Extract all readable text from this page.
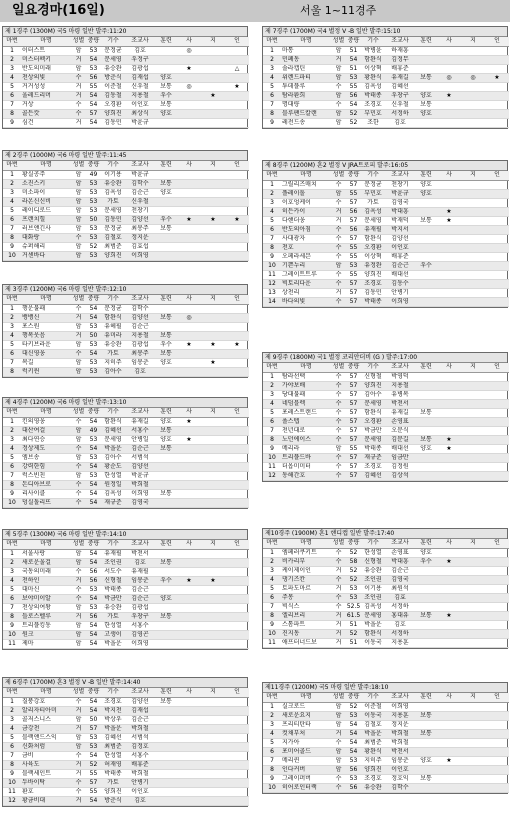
일요경마(16일)	서울 1~11경주
제 1경주 (1300M) 국5 마령 일반 발주:11:20
마번	마명	성별	중량	기수	조교사	훈련	사	지	인
1	이터스트	암	53	문정균	김호		◎		
2	미스터펙키	거	54	문세영	우정구				
3	반도의미래	암	53	유승완	김광섭		★		△
4	천상의빛	수	56	방춘식	김재섭	양호			
5	거거성성	거	55	이준철	신우철	보통	◎		★
6	울레드리머	거	54	김동철	지용철	우수		★	
7	거상	수	54	오경환	이인호	보통			
8	골든캇	수	57	양희진	최상식	양호			
9	심건	거	54	김동민	박윤규				
제 2경주 (1000M) 국6 마령 일반 발주:11:45
마번	마명	성별	중량	기수	조교사	훈련	사	지	인
1	황실공주	암	49	이기용	박윤규				
2	소진스키	암	53	유승완	김학수	보통			
3	미소파이	암	53	김옥성	김순근	양호			
4	라온신신비	암	53	가토	신우철				
5	레이디로드	암	53	문세영	천창기				
6	프랜치힐	암	50	김동민	김양선	우수	★	★	★
7	러브앤긴사	암	53	문정균	최봉주	보통			
8	대화랑	수	53	김철호	정지운				
9	슈퍼해리	암	52	최범준	김효섭				
10	거센바다	암	53	양희진	이희영				
제 3경주 (1200M) 국6 마령 일반 발주:12:10
마번	마명	성별	중량	기수	조교사	훈련	사	지	인
1	행운불패	수	54	문정균	김학수				
2	뱅뱅신	거	54	함완식	김양선	보통	◎		
3	포스원	암	53	유헤필	김순근				
4	행복웃음	거	50	유미라	지용철	보통			
5	타키브라운	암	53	유승완	김광섭	우수	★	★	★
6	대신영웅	수	54	가토	최봉주	보통			
7	복길	암	53	지히주	임봉춘	양호		★	
8	럭키윈	암	53	김아수	김호				
제 4경주 (1200M) 국6 마령 일반 발주:13:10
마번	마명	성별	중량	기수	조교사	훈련	사	지	인
1	킨의영웅	수	54	함완식	유재길	양호	★		
2	대산여걸	암	49	김혜선	서홍수	보통			
3	최다연승	암	53	문세영	안병일	양호	★		
4	정상제도	수	54	박을운	김순근	보통			
5	엠브송	암	53	김아수	서범석				
6	강력한힘	수	54	황순도	김양선				
7	럭스빈친	암	53	한성열	박윤규				
8	돈디아브로	수	54	원정일	박희철				
9	리사이클	수	54	김옥성	이희영	보통			
10	덩실돌리뜨	수	54	재규준	김영국				
제 5경주 (1300M) 국6 마령 일반 발주:14:10
마번	마명	성별	중량	기수	조교사	훈련	사	지	인
1	서울사랑	암	54	유재필	박천서				
2	새로운울걸	암	54	조인권	김호	보통			
3	국동의미래	수	56	서도수	유재필				
4	천하인	거	56	신형철	임봉춘	우수	★	★	
5	대마신	수	53	박태종	김순근				
6	보야미이알	수	54	박금만	김순근	양호			
7	천상의여왕	암	53	유승완	김광섭				
8	들로스벨루	거	56	가토	우창구	보통			
9	트리플킹동	암	54	한성열	서홍수				
10	원크	암	54	고생이	김영곤				
11	제마	암	54	박을운	이희영				
제 6경주 (1700M) 혼3 별정 V -B 일반 발주:14:40
마번	마명	성별	중량	기수	조교사	훈련	사	지	인
1	질풍강호	수	54	조경호	김양선	보통			
2	알리자티아미	거	54	박지천	김재섭				
3	골저스니스	암	50	박상우	김순근				
4	금강천	거	57	박을운	박희철				
5	블랙앤드스익	암	53	김혜선	서범석				
6	신화처럼	암	53	최범준	김정호				
7	금비	수	54	한성열	서홍수				
8	사육도	거	52	허재영	배휴준				
9	블랙세인트	거	55	박태종	박희철				
10	두바이탁	수	57	가토	안병기				
11	환호	수	55	양희진	이인호				
12	황금비대	거	54	방춘식	김호				
제 7경주 (1700M) 국4 별정 V -B 일반 발주:15:10
마번	마명	성별	중량	기수	조교사	훈련	사	지	인
1	마통	암	51	박병윤	하재흥				
2	민폐동	거	54	함완식	김정무				
3	솔라캡틴	암	51	이상혁	배휴준				
4	위렌드파티	암	53	황완식	유재길	보통	◎	◎	★
5	투데플루	수	55	김옥성	김혜선				
6	탐라환희	암	56	박태종	우창구	양호	★		
7	명대량	수	54	조경호	신우철	보통			
8	블루팬드칼랜	암	52	부민호	서정하	양호			
9	레전드송	암	52	조한	김호				
제 8경주 (1200M) 혼2 별정 V JRA트로피 발주:16:05
마번	마명	성별	중량	기수	조교사	훈련	사	지	인
1	그릴리즈매치	수	57	문정균	천창기	양호			
2	플레이톨	암	55	부민호	박윤규	양호			
3	이호엉케이	수	57	가토	김영국				
4	히든카이	거	56	김옥성	박대흥		★		
5	다핸더웅	거	57	문세영	박재덕	보통	★		
6	반도의아침	수	56	유재필	박지서				
7	사대광자	수	57	함완식	김양선				
8	천호	수	55	오경환	이인호				
9	오페라세븐	수	55	이상혁	배휴준				
10	기쁜누리	암	53	유정완	김순근	우수			
11	그레이트트루	수	55	양희진	배대선				
12	빅토리다운	수	57	조경호	김동수				
13	상천리	거	57	김동민	안병기				
14	바다의빛	수	57	박태종	이희영				
제 9경주 (1800M) 국1 별정 코리안더비 (G ) 발주:17:00
마번	마명	성별	중량	기수	조교사	훈련	사	지	인
1	탐라선택	수	57	신형철	박영덕				
2	가야보배	수	57	양희진	지용철				
3	당대불패	수	57	김아수	유병복				
4	네덤블렉	수	57	문세영	박천서				
5	포레스트랜드	수	57	함완식	유재길	보통			
6	폴스텝	수	57	오경환	손영표				
7	천년대로	수	57	박금만	오문식				
8	노던에이스	수	57	문세영	김문길	보통	★		
9	메리라	암	55	박태종	배대선	양호	★		
10	트리플드바	수	57	재규준	임금만				
11	더옵미미터	수	57	조경호	김정원				
12	동해간호	수	57	김혜선	김상석				
제10경주 (1900M) 혼1 핸디캡 일반 발주:17:40
마번	마명	성별	중량	기수	조교사	훈련	사	지	인
1	엠페러쿠키트	수	52	한성열	손영표	양호			
2	비카리부	수	58	신형철	박대흥	우수	★		
3	케이제이인	거	52	유승완	김순근				
4	댕기즈칸	수	52	조인권	김영국				
5	토파도마르	거	53	이기용	최원석				
6	주몽	수	53	조인권	김효				
7	빅식스	수	52.5	김옥성	서정하				
8	엘리브리	거	61.5	문세영	홍대유	보통	★		
9	스톰파트	거	51	박을운	김호				
10	진지동	거	52	함완식	서정하				
11	애프터너드보	거	51	이동국	지용훈				
제11경주 (1200M) 국5 마령 일반 발주:18:10
마번	마명	성별	중량	기수	조교사	훈련	사	지	인
1	실크로드	암	52	이준철	이희영				
2	새로운요지	암	53	이동국	지용훈	보통			
3	프리티탄타	암	54	김철호	정지운				
4	컷채부처	거	54	박을운	박희철	보통			
5	지가아	수	54	최범준	박희철				
6	포미어골드	암	54	황완식	박천서				
7	메리퀸	암	53	지히주	임봉춘	양호	★		
8	인다커버	암	56	양희진	이인호				
9	그레이퍼버	수	53	조경호	정호익	보통			
10	히어로인터랙	수	56	유승완	김학수				
